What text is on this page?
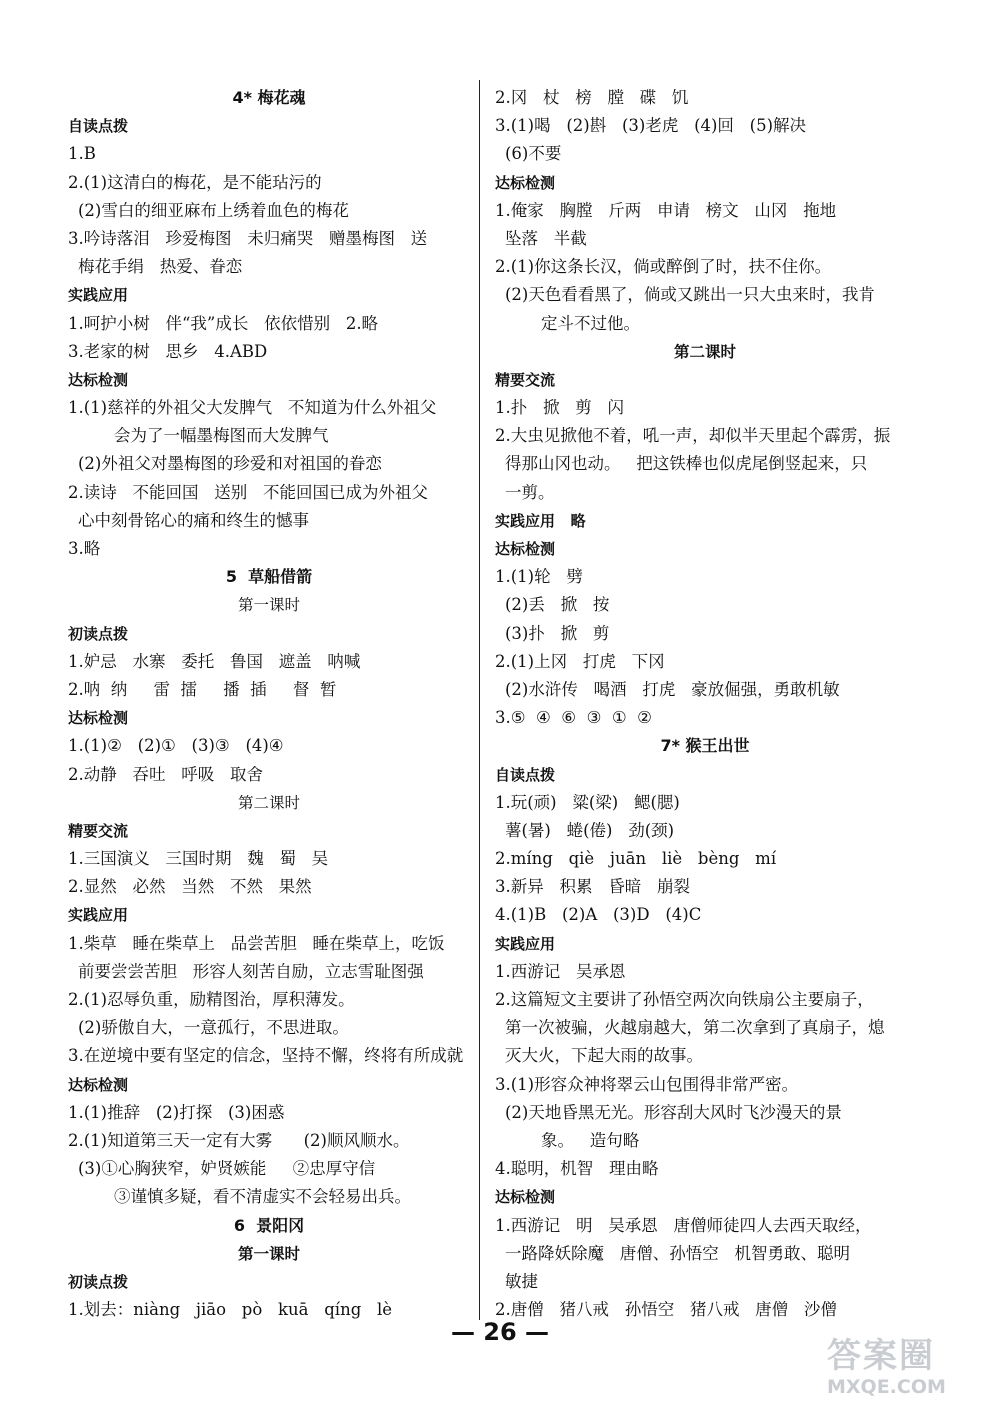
4* 梅花魂
自读点拨
1.B
2.(1)这清白的梅花，是不能玷污的
(2)雪白的细亚麻布上绣着血色的梅花
3.吟诗落泪   珍爱梅图   未归痛哭   赠墨梅图   送
梅花手绢   热爱、眷恋
实践应用
1.呵护小树   伴“我”成长   依依惜别   2.略
3.老家的树   思乡   4.ABD
达标检测
1.(1)慈祥的外祖父大发脾气   不知道为什么外祖父
会为了一幅墨梅图而大发脾气
(2)外祖父对墨梅图的珍爱和对祖国的眷恋
2.读诗   不能回国   送别   不能回国已成为外祖父
心中刻骨铭心的痛和终生的憾事
3.略
5  草船借箭
第一课时
初读点拨
1.妒忌   水寨   委托   鲁国   遮盖   呐喊
2.呐  纳     雷  擂     播  插     督  暂
达标检测
1.(1)②   (2)①   (3)③   (4)④
2.动静   吞吐   呼吸   取舍
第二课时
精要交流
1.三国演义   三国时期   魏   蜀   吴
2.显然   必然   当然   不然   果然
实践应用
1.柴草   睡在柴草上   品尝苦胆   睡在柴草上，吃饭
前要尝尝苦胆   形容人刻苦自励，立志雪耻图强
2.(1)忍辱负重，励精图治，厚积薄发。
(2)骄傲自大，一意孤行，不思进取。
3.在逆境中要有坚定的信念，坚持不懈，终将有所成就
达标检测
1.(1)推辞   (2)打探   (3)困惑
2.(1)知道第三天一定有大雾      (2)顺风顺水。
(3)①心胸狭窄，妒贤嫉能     ②忠厚守信
③谨慎多疑，看不清虚实不会轻易出兵。
6  景阳冈
第一课时
初读点拨
1.划去：niàng   jiāo   pò   kuā   qíng   lè
2.冈   杖   榜   膛   碟   饥
3.(1)喝   (2)斟   (3)老虎   (4)回   (5)解决
(6)不要
达标检测
1.俺家   胸膛   斤两   申请   榜文   山冈   拖地
坠落   半截
2.(1)你这条长汉，倘或醉倒了时，扶不住你。
(2)天色看看黑了，倘或又跳出一只大虫来时，我肯
定斗不过他。
第二课时
精要交流
1.扑   掀   剪   闪
2.大虫见掀他不着，吼一声，却似半天里起个霹雳，振
得那山冈也动。   把这铁棒也似虎尾倒竖起来，只
一剪。
实践应用   略
达标检测
1.(1)轮   劈
(2)丢   掀   按
(3)扑   掀   剪
2.(1)上冈   打虎   下冈
(2)水浒传   喝酒   打虎   豪放倔强，勇敢机敏
3.⑤  ④  ⑥  ③  ①  ②
7* 猴王出世
自读点拨
1.玩(顽)   粱(梁)   鳃(腮)
薯(暑)   蜷(倦)   劲(颈)
2.míng   qiè   juān   liè   bèng   mí
3.新异   积累   昏暗   崩裂
4.(1)B   (2)A   (3)D   (4)C
实践应用
1.西游记   吴承恩
2.这篇短文主要讲了孙悟空两次向铁扇公主要扇子，
第一次被骗，火越扇越大，第二次拿到了真扇子，熄
灭大火，下起大雨的故事。
3.(1)形容众神将翠云山包围得非常严密。
(2)天地昏黑无光。形容刮大风时飞沙漫天的景
象。   造句略
4.聪明，机智   理由略
达标检测
1.西游记   明   吴承恩   唐僧师徒四人去西天取经，
一路降妖除魔   唐僧、孙悟空   机智勇敢、聪明
敏捷
2.唐僧   猪八戒   孙悟空   猪八戒   唐僧   沙僧
— 26 —
答案圈
MXQE.COM
